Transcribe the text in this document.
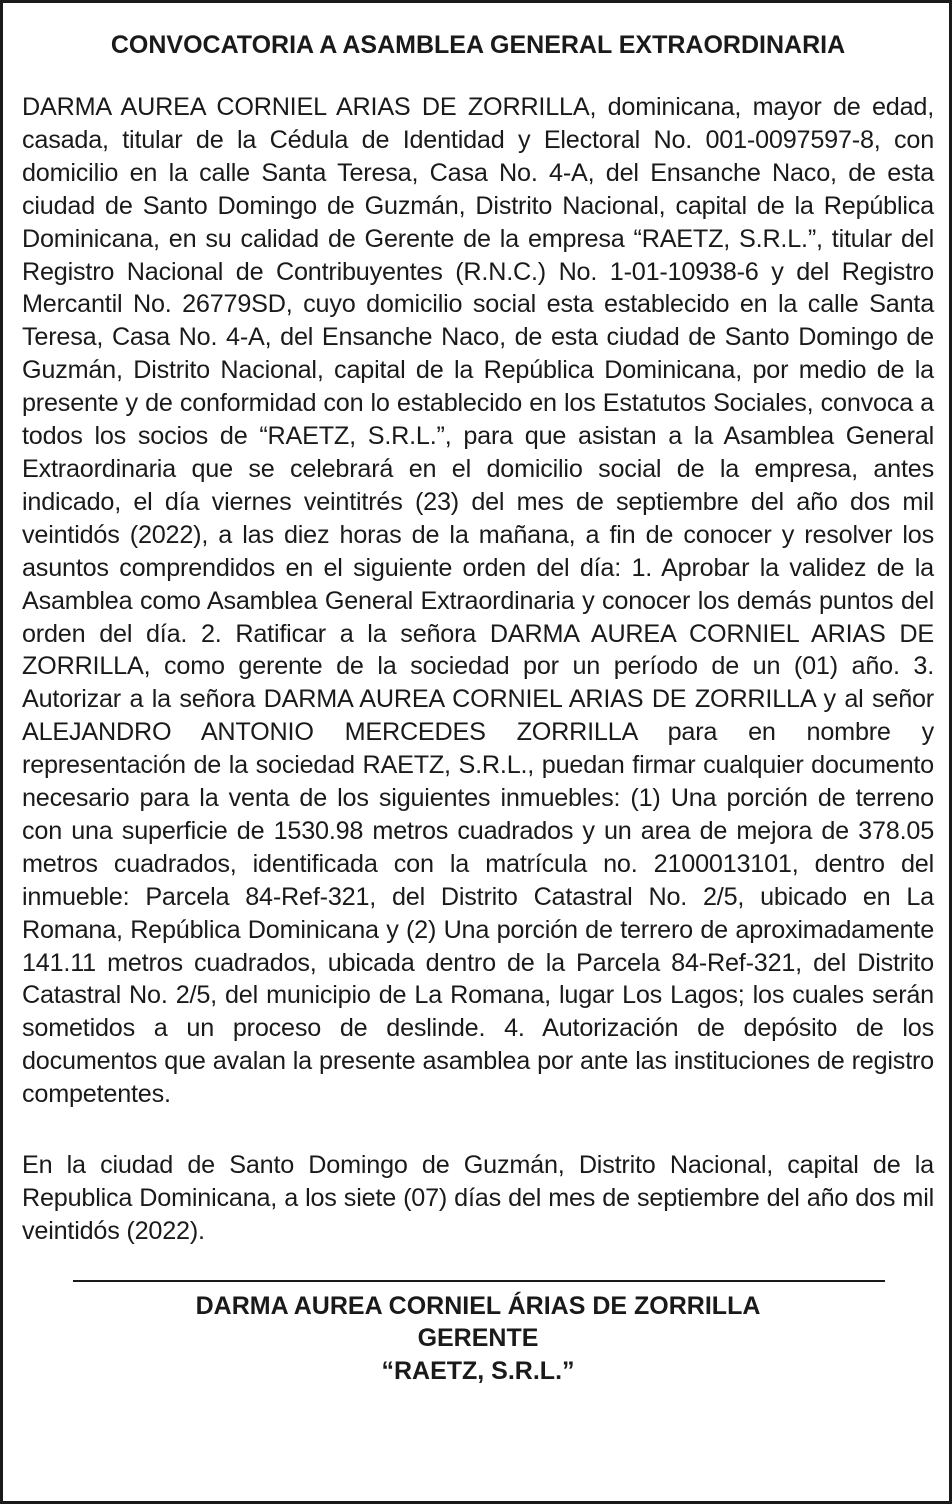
CONVOCATORIA A ASAMBLEA GENERAL EXTRAORDINARIA

DARMA AUREA CORNIEL ARIAS DE ZORRILLA, dominicana, mayor de edad, casada, titular de la Cédula de Identidad y Electoral No. 001-0097597-8, con domicilio en la calle Santa Teresa, Casa No. 4-A, del Ensanche Naco, de esta ciudad de Santo Domingo de Guzmán, Distrito Nacional, capital de la República Dominicana, en su calidad de Gerente de la empresa “RAETZ, S.R.L.”, titular del Registro Nacional de Contribuyentes (R.N.C.) No. 1-01-10938-6 y del Registro Mercantil No. 26779SD, cuyo domicilio social esta establecido en la calle Santa Teresa, Casa No. 4-A, del Ensanche Naco, de esta ciudad de Santo Domingo de Guzmán, Distrito Nacional, capital de la República Dominicana, por medio de la presente y de conformidad con lo establecido en los Estatutos Sociales, convoca a todos los socios de “RAETZ, S.R.L.”, para que asistan a la Asamblea General Extraordinaria que se celebrará en el domicilio social de la empresa, antes indicado, el día viernes veintitrés (23) del mes de septiembre del año dos mil veintidós (2022), a las diez horas de la mañana, a fin de conocer y resolver los asuntos comprendidos en el siguiente orden del día: 1. Aprobar la validez de la Asamblea como Asamblea General Extraordinaria y conocer los demás puntos del orden del día. 2. Ratificar a la señora DARMA AUREA CORNIEL ARIAS DE ZORRILLA, como gerente de la sociedad por un período de un (01) año. 3. Autorizar a la señora DARMA AUREA CORNIEL ARIAS DE ZORRILLA y al señor ALEJANDRO ANTONIO MERCEDES ZORRILLA para en nombre y representación de la sociedad RAETZ, S.R.L., puedan firmar cualquier documento necesario para la venta de los siguientes inmuebles: (1) Una porción de terreno con una superficie de 1530.98 metros cuadrados y un area de mejora de 378.05 metros cuadrados, identificada con la matrícula no. 2100013101, dentro del inmueble: Parcela 84-Ref-321, del Distrito Catastral No. 2/5, ubicado en La Romana, República Dominicana y (2) Una porción de terrero de aproximadamente 141.11 metros cuadrados, ubicada dentro de la Parcela 84-Ref-321, del Distrito Catastral No. 2/5, del municipio de La Romana, lugar Los Lagos; los cuales serán sometidos a un proceso de deslinde. 4. Autorización de depósito de los documentos que avalan la presente asamblea por ante las instituciones de registro competentes.

En la ciudad de Santo Domingo de Guzmán, Distrito Nacional, capital de la Republica Dominicana, a los siete (07) días del mes de septiembre del año dos mil veintidós (2022).

DARMA AUREA CORNIEL ÁRIAS DE ZORRILLA
GERENTE
“RAETZ, S.R.L.”
